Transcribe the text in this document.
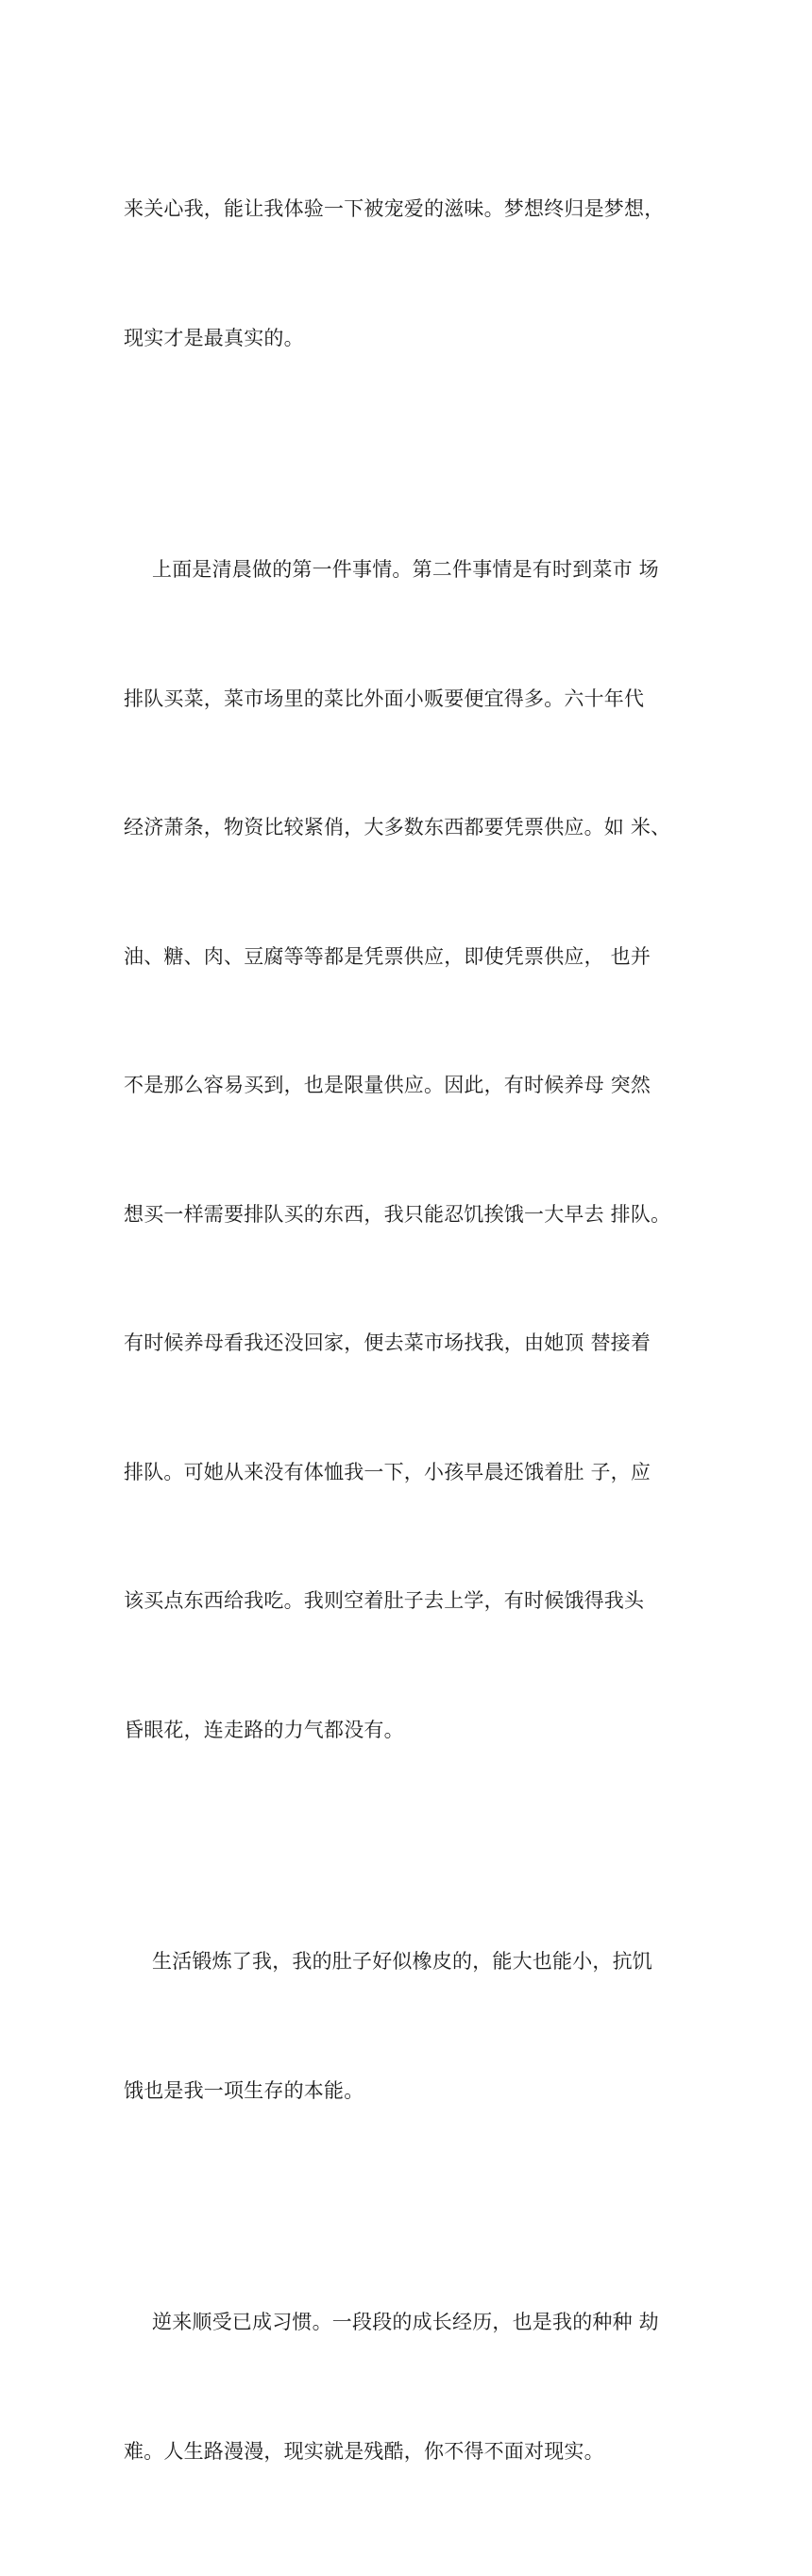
来关心我，能让我体验一下被宠爱的滋味。梦想终归是梦想，

现实才是最真实的。

上面是清晨做的第一件事情。第二件事情是有时到菜市 场

排队买菜，菜市场里的菜比外面小贩要便宜得多。六十年代

经济萧条，物资比较紧俏，大多数东西都要凭票供应。如 米、

油、糖、肉、豆腐等等都是凭票供应，即使凭票供应， 也并

不是那么容易买到，也是限量供应。因此，有时候养母 突然

想买一样需要排队买的东西，我只能忍饥挨饿一大早去 排队。

有时候养母看我还没回家，便去菜市场找我，由她顶 替接着

排队。可她从来没有体恤我一下，小孩早晨还饿着肚 子，应

该买点东西给我吃。我则空着肚子去上学，有时候饿得我头

昏眼花，连走路的力气都没有。

生活锻炼了我，我的肚子好似橡皮的，能大也能小，抗饥

饿也是我一项生存的本能。

逆来顺受已成习惯。一段段的成长经历，也是我的种种 劫

难。人生路漫漫，现实就是残酷，你不得不面对现实。
